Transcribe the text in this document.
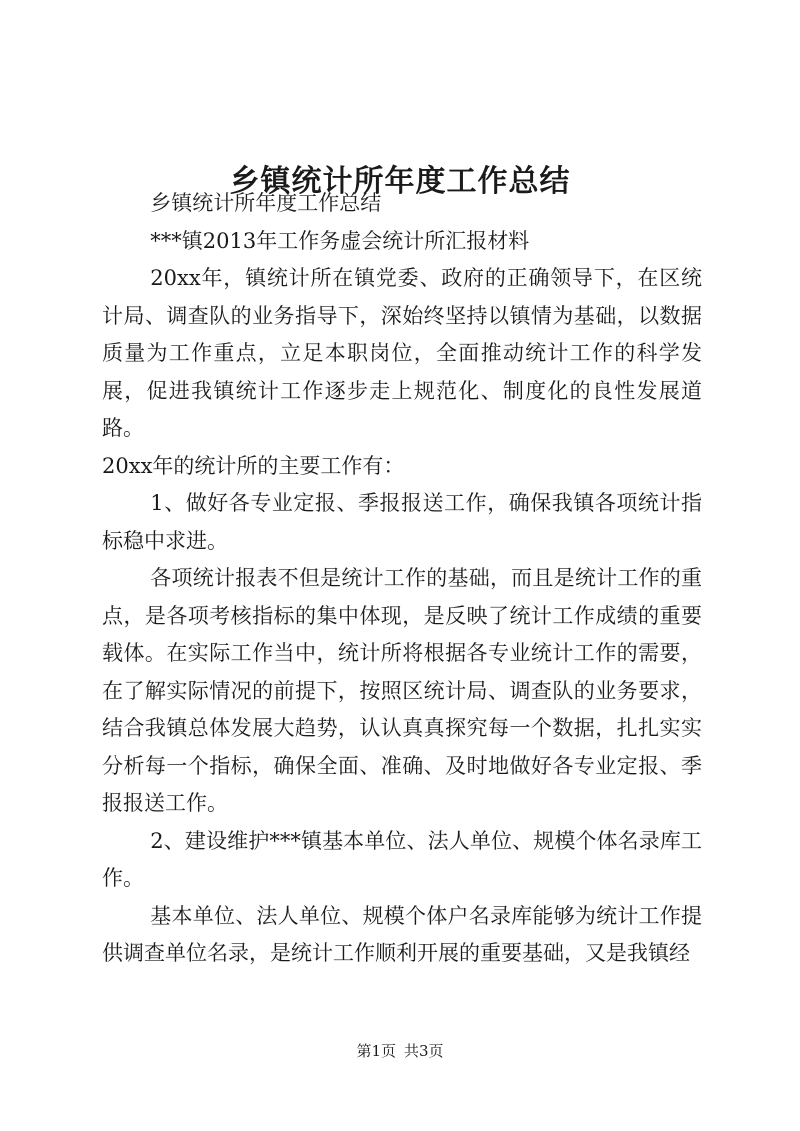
乡镇统计所年度工作总结

乡镇统计所年度工作总结

***镇2013年工作务虚会统计所汇报材料

20xx年，镇统计所在镇党委、政府的正确领导下，在区统计局、调查队的业务指导下，深始终坚持以镇情为基础，以数据质量为工作重点，立足本职岗位，全面推动统计工作的科学发展，促进我镇统计工作逐步走上规范化、制度化的良性发展道路。

20xx年的统计所的主要工作有：

1、做好各专业定报、季报报送工作，确保我镇各项统计指标稳中求进。

各项统计报表不但是统计工作的基础，而且是统计工作的重点，是各项考核指标的集中体现，是反映了统计工作成绩的重要载体。在实际工作当中，统计所将根据各专业统计工作的需要，在了解实际情况的前提下，按照区统计局、调查队的业务要求，结合我镇总体发展大趋势，认认真真探究每一个数据，扎扎实实分析每一个指标，确保全面、准确、及时地做好各专业定报、季报报送工作。

2、建设维护***镇基本单位、法人单位、规模个体名录库工作。

基本单位、法人单位、规模个体户名录库能够为统计工作提供调查单位名录，是统计工作顺利开展的重要基础，又是我镇经

第1页 共3页
